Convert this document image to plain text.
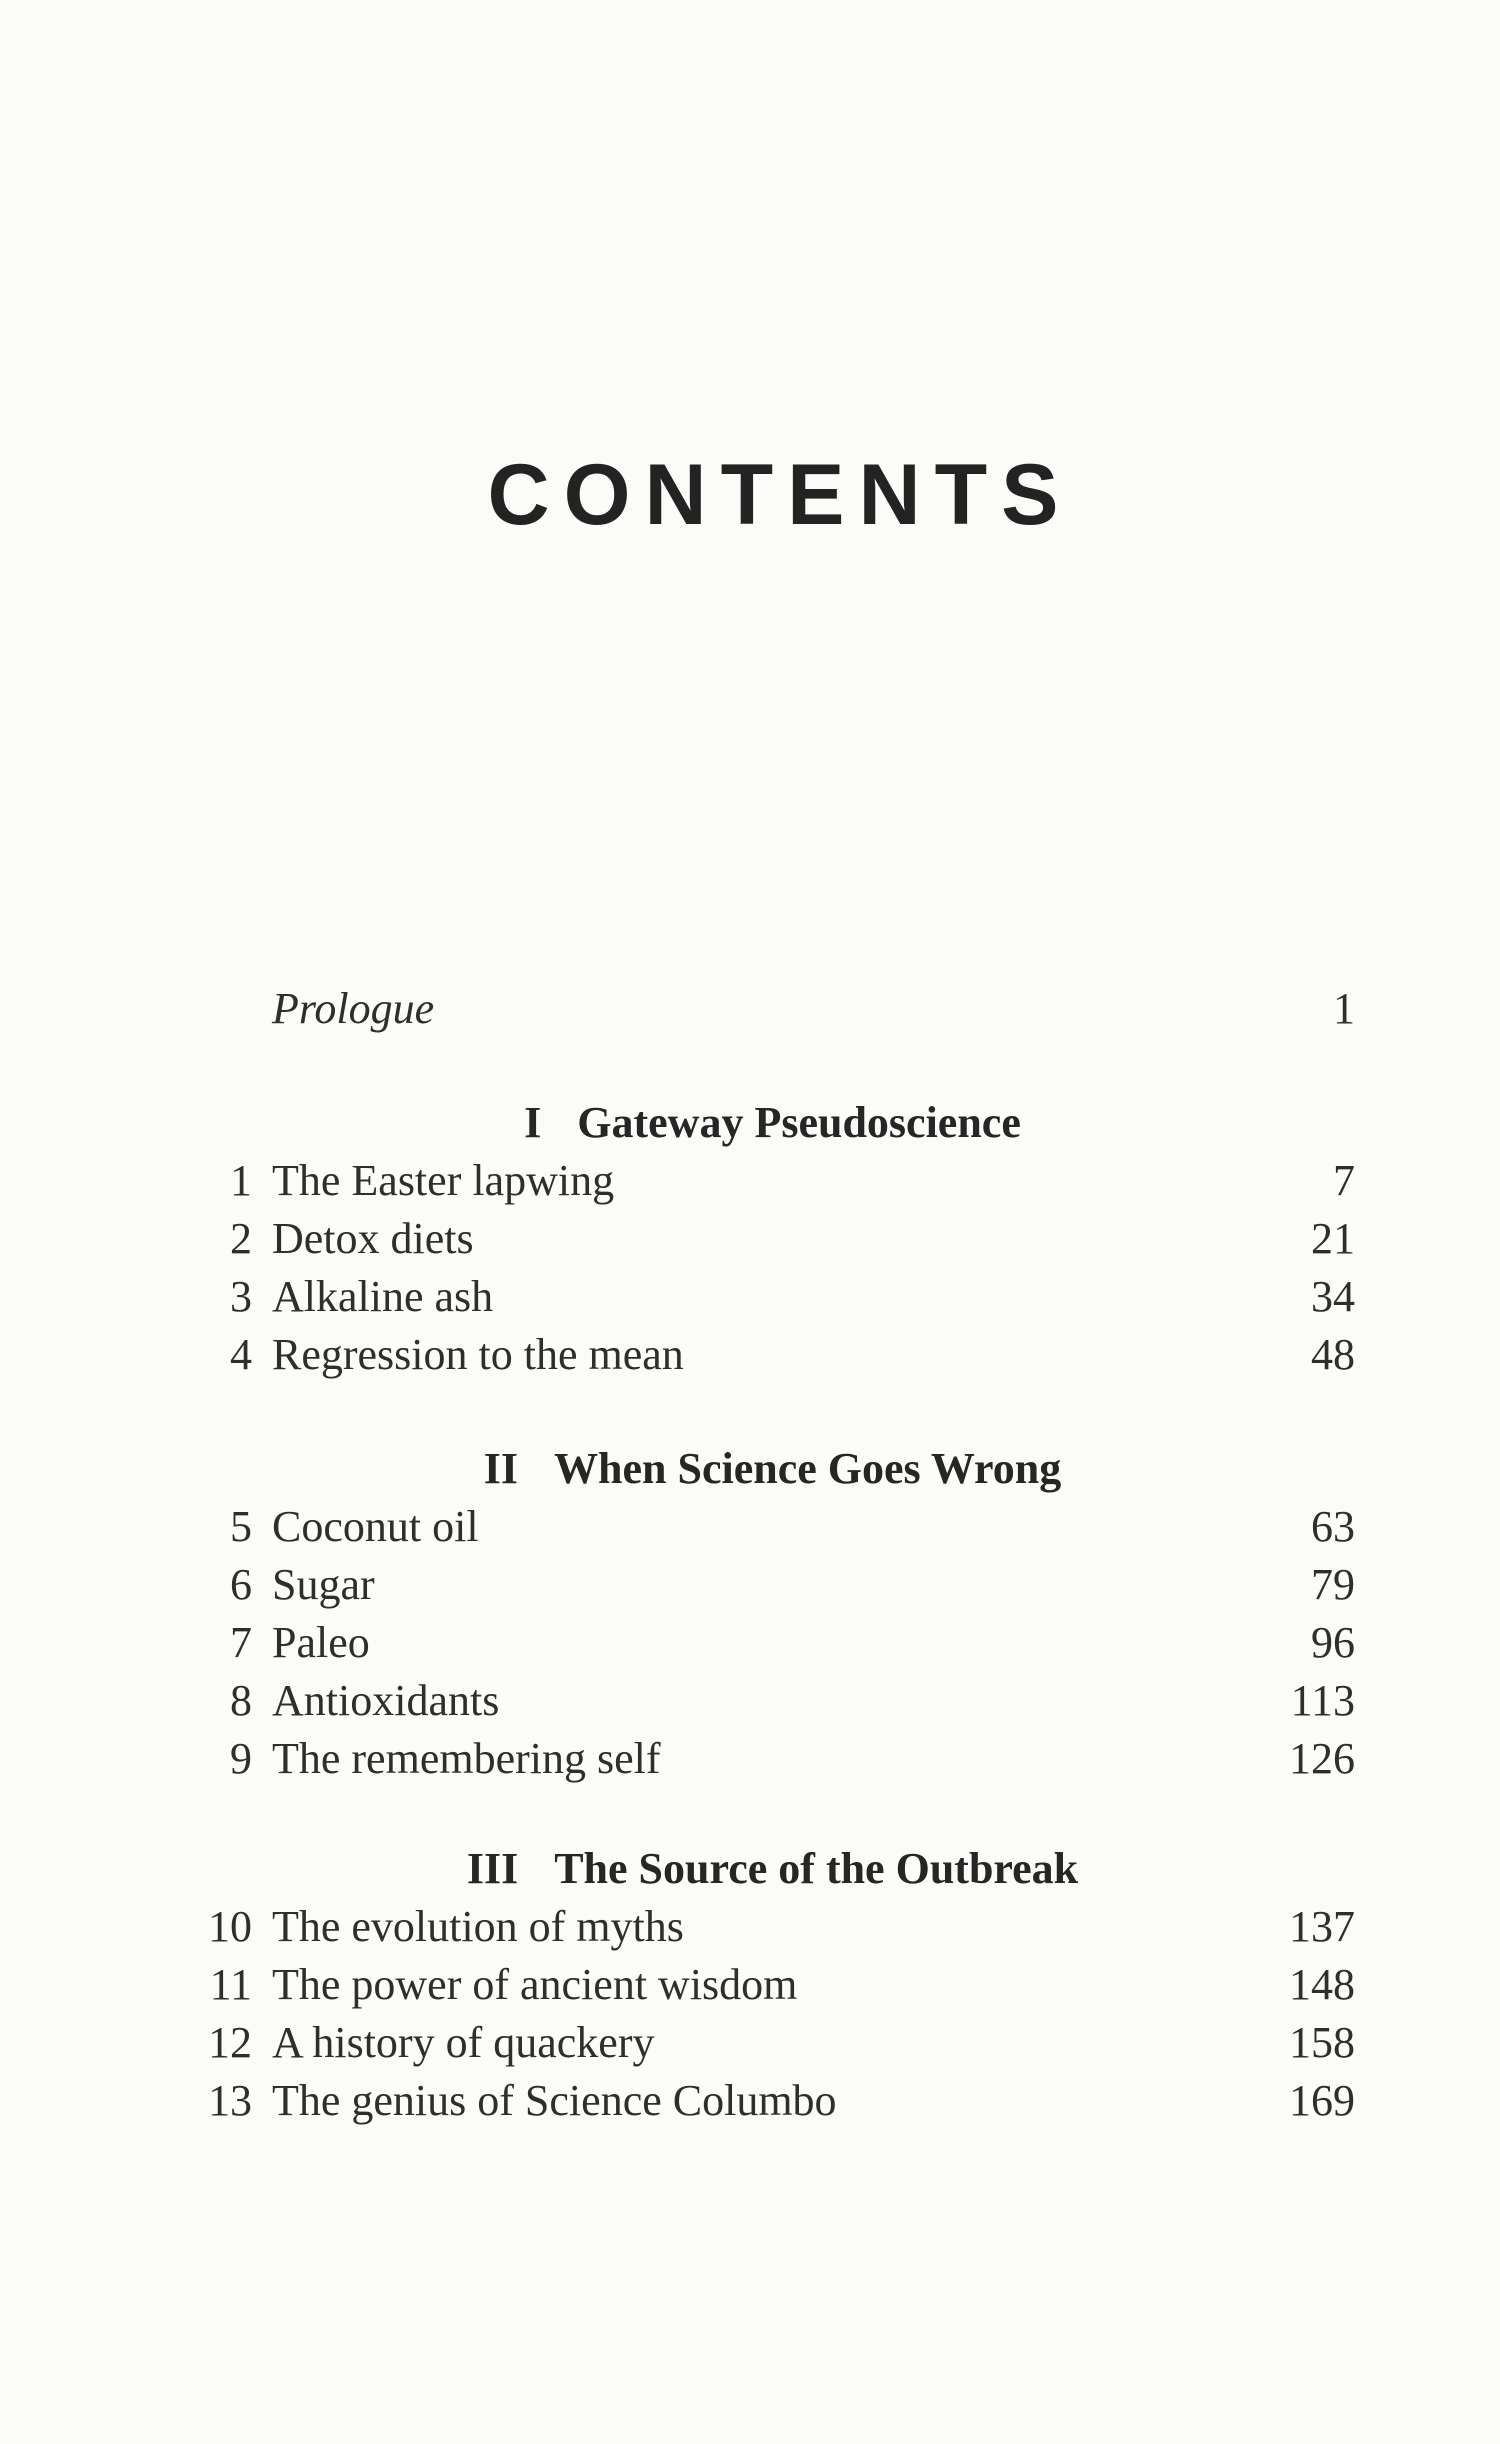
CONTENTS
Prologue	1
I Gateway Pseudoscience
1 The Easter lapwing	7
2 Detox diets	21
3 Alkaline ash	34
4 Regression to the mean	48
II When Science Goes Wrong
5 Coconut oil	63
6 Sugar	79
7 Paleo	96
8 Antioxidants	113
9 The remembering self	126
III The Source of the Outbreak
10 The evolution of myths	137
11 The power of ancient wisdom	148
12 A history of quackery	158
13 The genius of Science Columbo	169
